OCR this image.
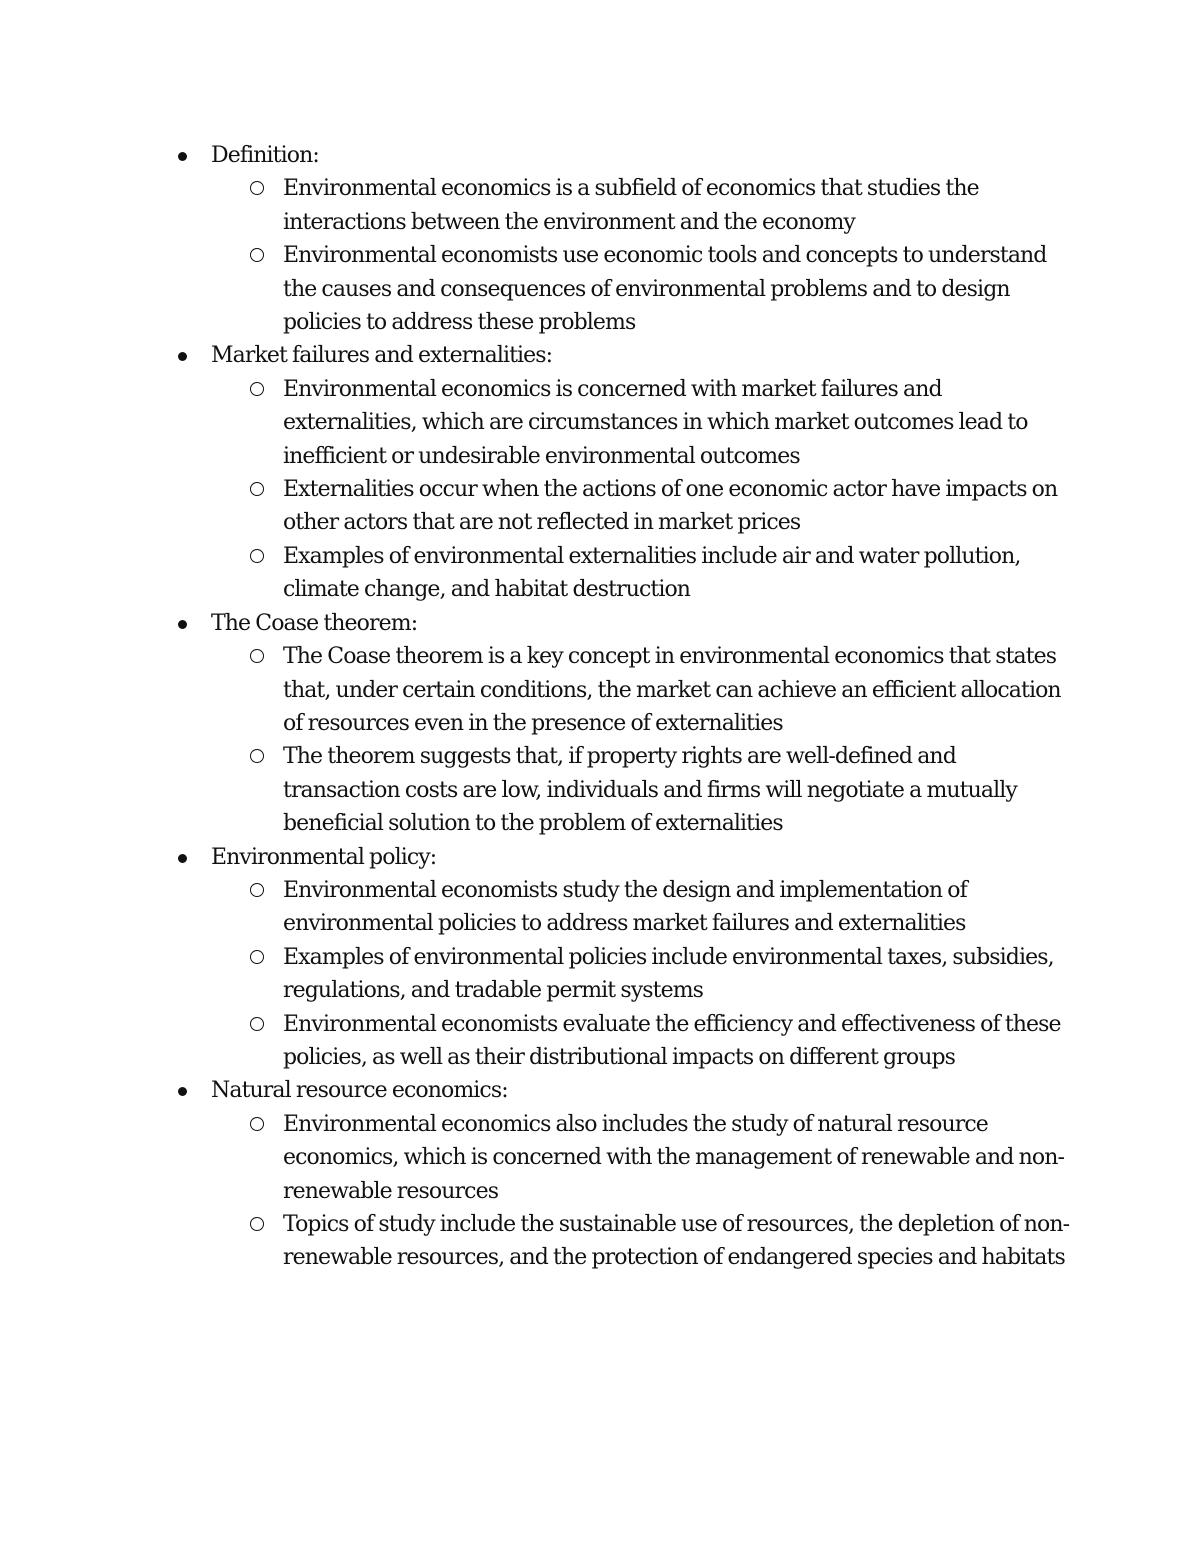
Definition:
Environmental economics is a subfield of economics that studies the interactions between the environment and the economy
Environmental economists use economic tools and concepts to understand the causes and consequences of environmental problems and to design policies to address these problems
Market failures and externalities:
Environmental economics is concerned with market failures and externalities, which are circumstances in which market outcomes lead to inefficient or undesirable environmental outcomes
Externalities occur when the actions of one economic actor have impacts on other actors that are not reflected in market prices
Examples of environmental externalities include air and water pollution, climate change, and habitat destruction
The Coase theorem:
The Coase theorem is a key concept in environmental economics that states that, under certain conditions, the market can achieve an efficient allocation of resources even in the presence of externalities
The theorem suggests that, if property rights are well-defined and transaction costs are low, individuals and firms will negotiate a mutually beneficial solution to the problem of externalities
Environmental policy:
Environmental economists study the design and implementation of environmental policies to address market failures and externalities
Examples of environmental policies include environmental taxes, subsidies, regulations, and tradable permit systems
Environmental economists evaluate the efficiency and effectiveness of these policies, as well as their distributional impacts on different groups
Natural resource economics:
Environmental economics also includes the study of natural resource economics, which is concerned with the management of renewable and non-renewable resources
Topics of study include the sustainable use of resources, the depletion of non-renewable resources, and the protection of endangered species and habitats
